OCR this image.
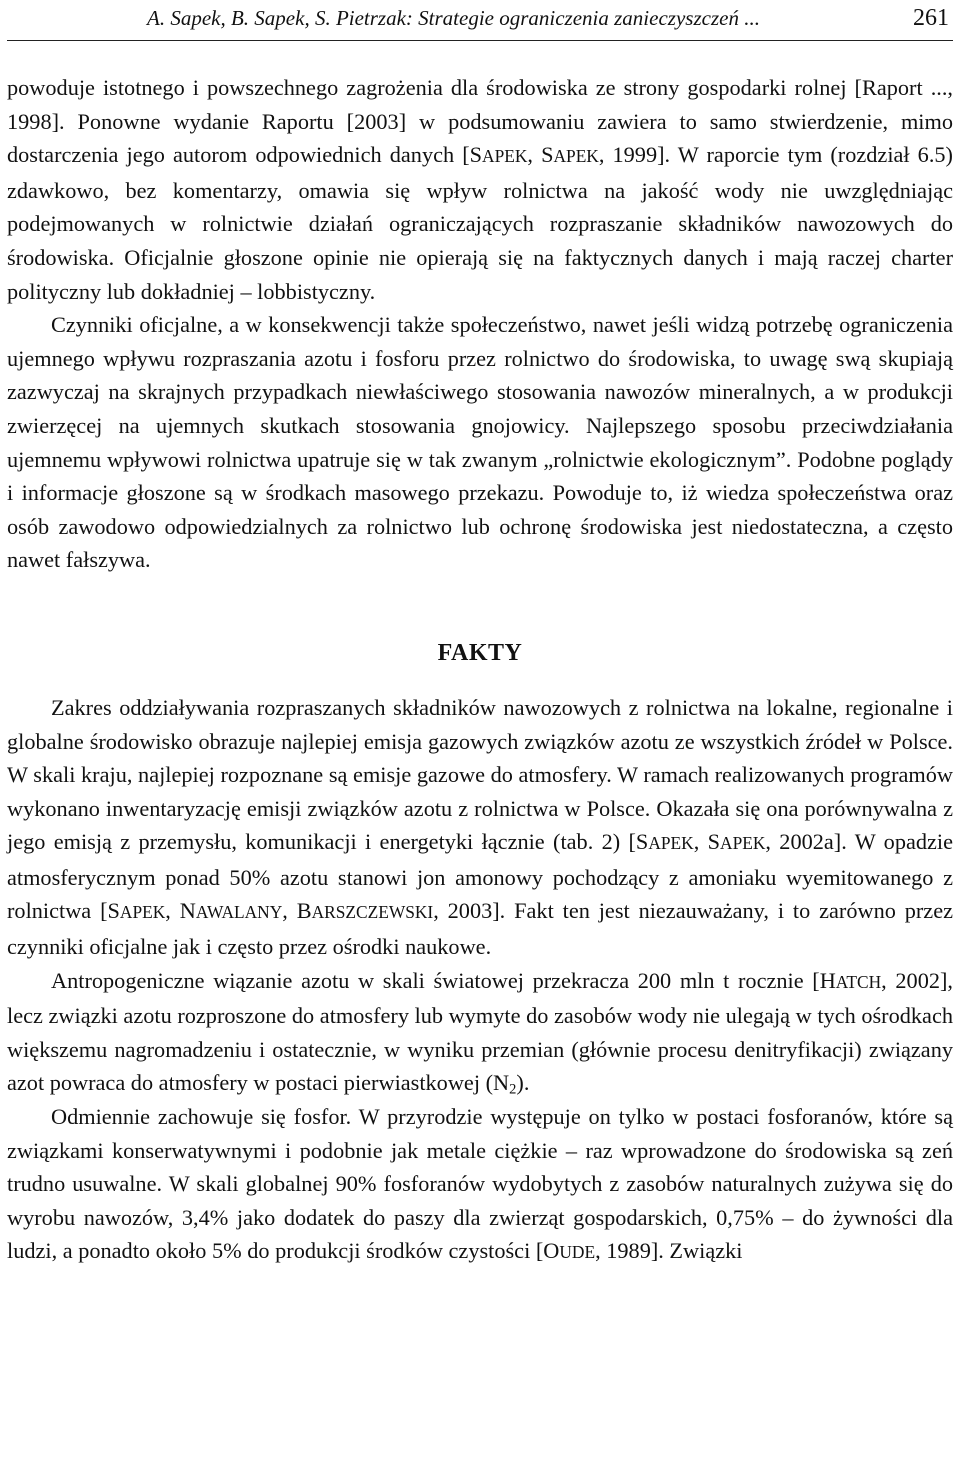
A. Sapek, B. Sapek, S. Pietrzak: Strategie ograniczenia zanieczyszczeń ...	261

powoduje istotnego i powszechnego zagrożenia dla środowiska ze strony gospodarki rolnej [Raport ..., 1998]. Ponowne wydanie Raportu [2003] w podsumowaniu zawiera to samo stwierdzenie, mimo dostarczenia jego autorom odpowiednich danych [SAPEK, SAPEK, 1999]. W raporcie tym (rozdział 6.5) zdawkowo, bez komentarzy, omawia się wpływ rolnictwa na jakość wody nie uwzględniając podejmowanych w rolnictwie działań ograniczających rozpraszanie składników nawozowych do środowiska. Oficjalnie głoszone opinie nie opierają się na faktycznych danych i mają raczej charter polityczny lub dokładniej – lobbistyczny.

Czynniki oficjalne, a w konsekwencji także społeczeństwo, nawet jeśli widzą potrzebę ograniczenia ujemnego wpływu rozpraszania azotu i fosforu przez rolnictwo do środowiska, to uwagę swą skupiają zazwyczaj na skrajnych przypadkach niewłaściwego stosowania nawozów mineralnych, a w produkcji zwierzęcej na ujemnych skutkach stosowania gnojowicy. Najlepszego sposobu przeciwdziałania ujemnemu wpływowi rolnictwa upatruje się w tak zwanym „rolnictwie ekologicznym”. Podobne poglądy i informacje głoszone są w środkach masowego przekazu. Powoduje to, iż wiedza społeczeństwa oraz osób zawodowo odpowiedzialnych za rolnictwo lub ochronę środowiska jest niedostateczna, a często nawet fałszywa.

FAKTY

Zakres oddziaływania rozpraszanych składników nawozowych z rolnictwa na lokalne, regionalne i globalne środowisko obrazuje najlepiej emisja gazowych związków azotu ze wszystkich źródeł w Polsce. W skali kraju, najlepiej rozpoznane są emisje gazowe do atmosfery. W ramach realizowanych programów wykonano inwentaryzację emisji związków azotu z rolnictwa w Polsce. Okazała się ona porównywalna z jego emisją z przemysłu, komunikacji i energetyki łącznie (tab. 2) [SAPEK, SAPEK, 2002a]. W opadzie atmosferycznym ponad 50% azotu stanowi jon amonowy pochodzący z amoniaku wyemitowanego z rolnictwa [SAPEK, NAWALANY, BARSZCZEWSKI, 2003]. Fakt ten jest niezauważany, i to zarówno przez czynniki oficjalne jak i często przez ośrodki naukowe.

Antropogeniczne wiązanie azotu w skali światowej przekracza 200 mln t rocznie [HATCH, 2002], lecz związki azotu rozproszone do atmosfery lub wymyte do zasobów wody nie ulegają w tych ośrodkach większemu nagromadzeniu i ostatecznie, w wyniku przemian (głównie procesu denitryfikacji) związany azot powraca do atmosfery w postaci pierwiastkowej $(N_2)$.

Odmiennie zachowuje się fosfor. W przyrodzie występuje on tylko w postaci fosforanów, które są związkami konserwatywnymi i podobnie jak metale ciężkie – raz wprowadzone do środowiska są zeń trudno usuwalne. W skali globalnej 90% fosforanów wydobytych z zasobów naturalnych zużywa się do wyrobu nawozów, 3,4% jako dodatek do paszy dla zwierząt gospodarskich, 0,75% – do żywności dla ludzi, a ponadto około 5% do produkcji środków czystości [OUDE, 1989]. Związki
